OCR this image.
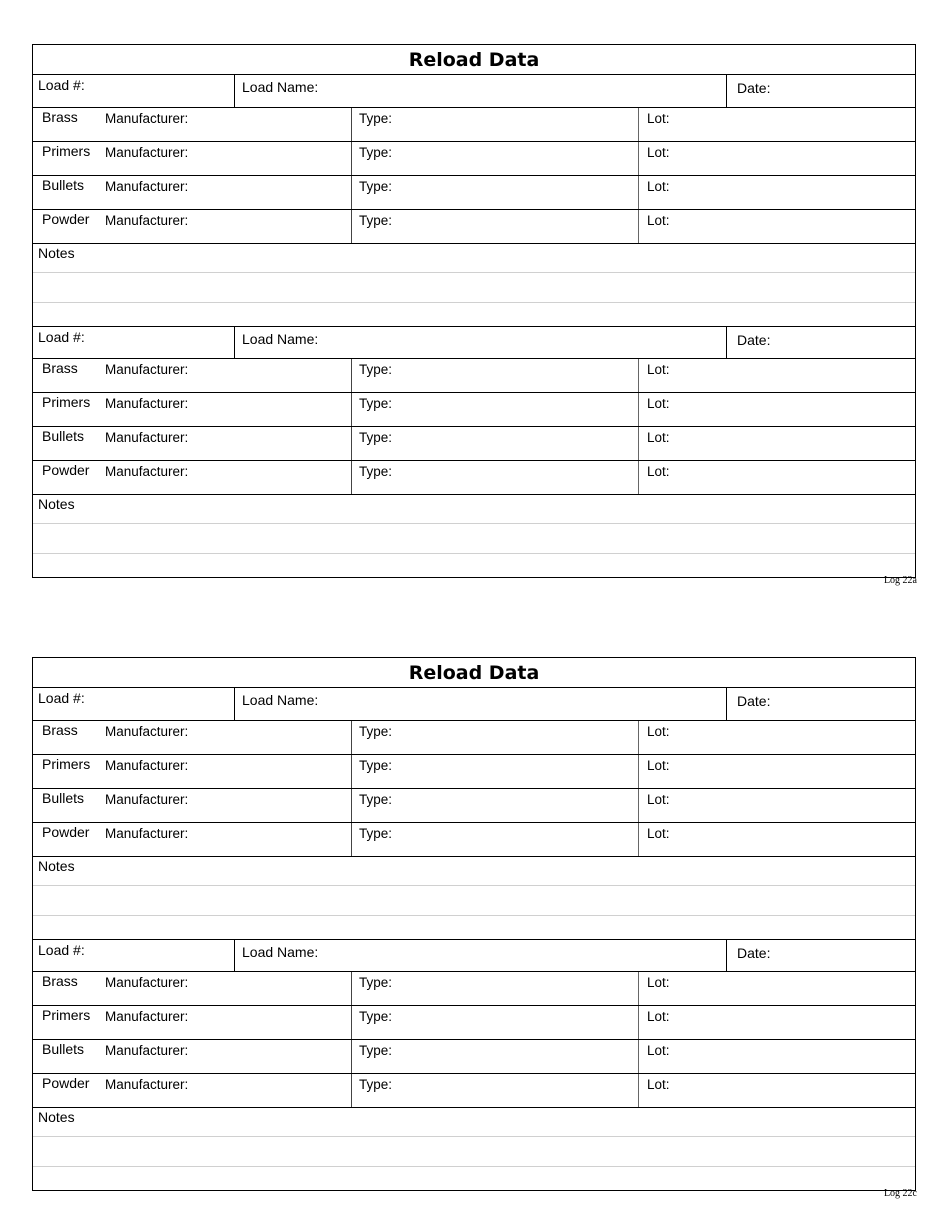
Reload Data
Load #:	Load Name:	Date:
Brass Manufacturer:	Type:	Lot:
Primers Manufacturer:	Type:	Lot:
Bullets Manufacturer:	Type:	Lot:
Powder Manufacturer:	Type:	Lot:
Notes
Load #:	Load Name:	Date:
Brass Manufacturer:	Type:	Lot:
Primers Manufacturer:	Type:	Lot:
Bullets Manufacturer:	Type:	Lot:
Powder Manufacturer:	Type:	Lot:
Notes
Log 22a
Reload Data
Load #:	Load Name:	Date:
Brass Manufacturer:	Type:	Lot:
Primers Manufacturer:	Type:	Lot:
Bullets Manufacturer:	Type:	Lot:
Powder Manufacturer:	Type:	Lot:
Notes
Load #:	Load Name:	Date:
Brass Manufacturer:	Type:	Lot:
Primers Manufacturer:	Type:	Lot:
Bullets Manufacturer:	Type:	Lot:
Powder Manufacturer:	Type:	Lot:
Notes
Log 22c
